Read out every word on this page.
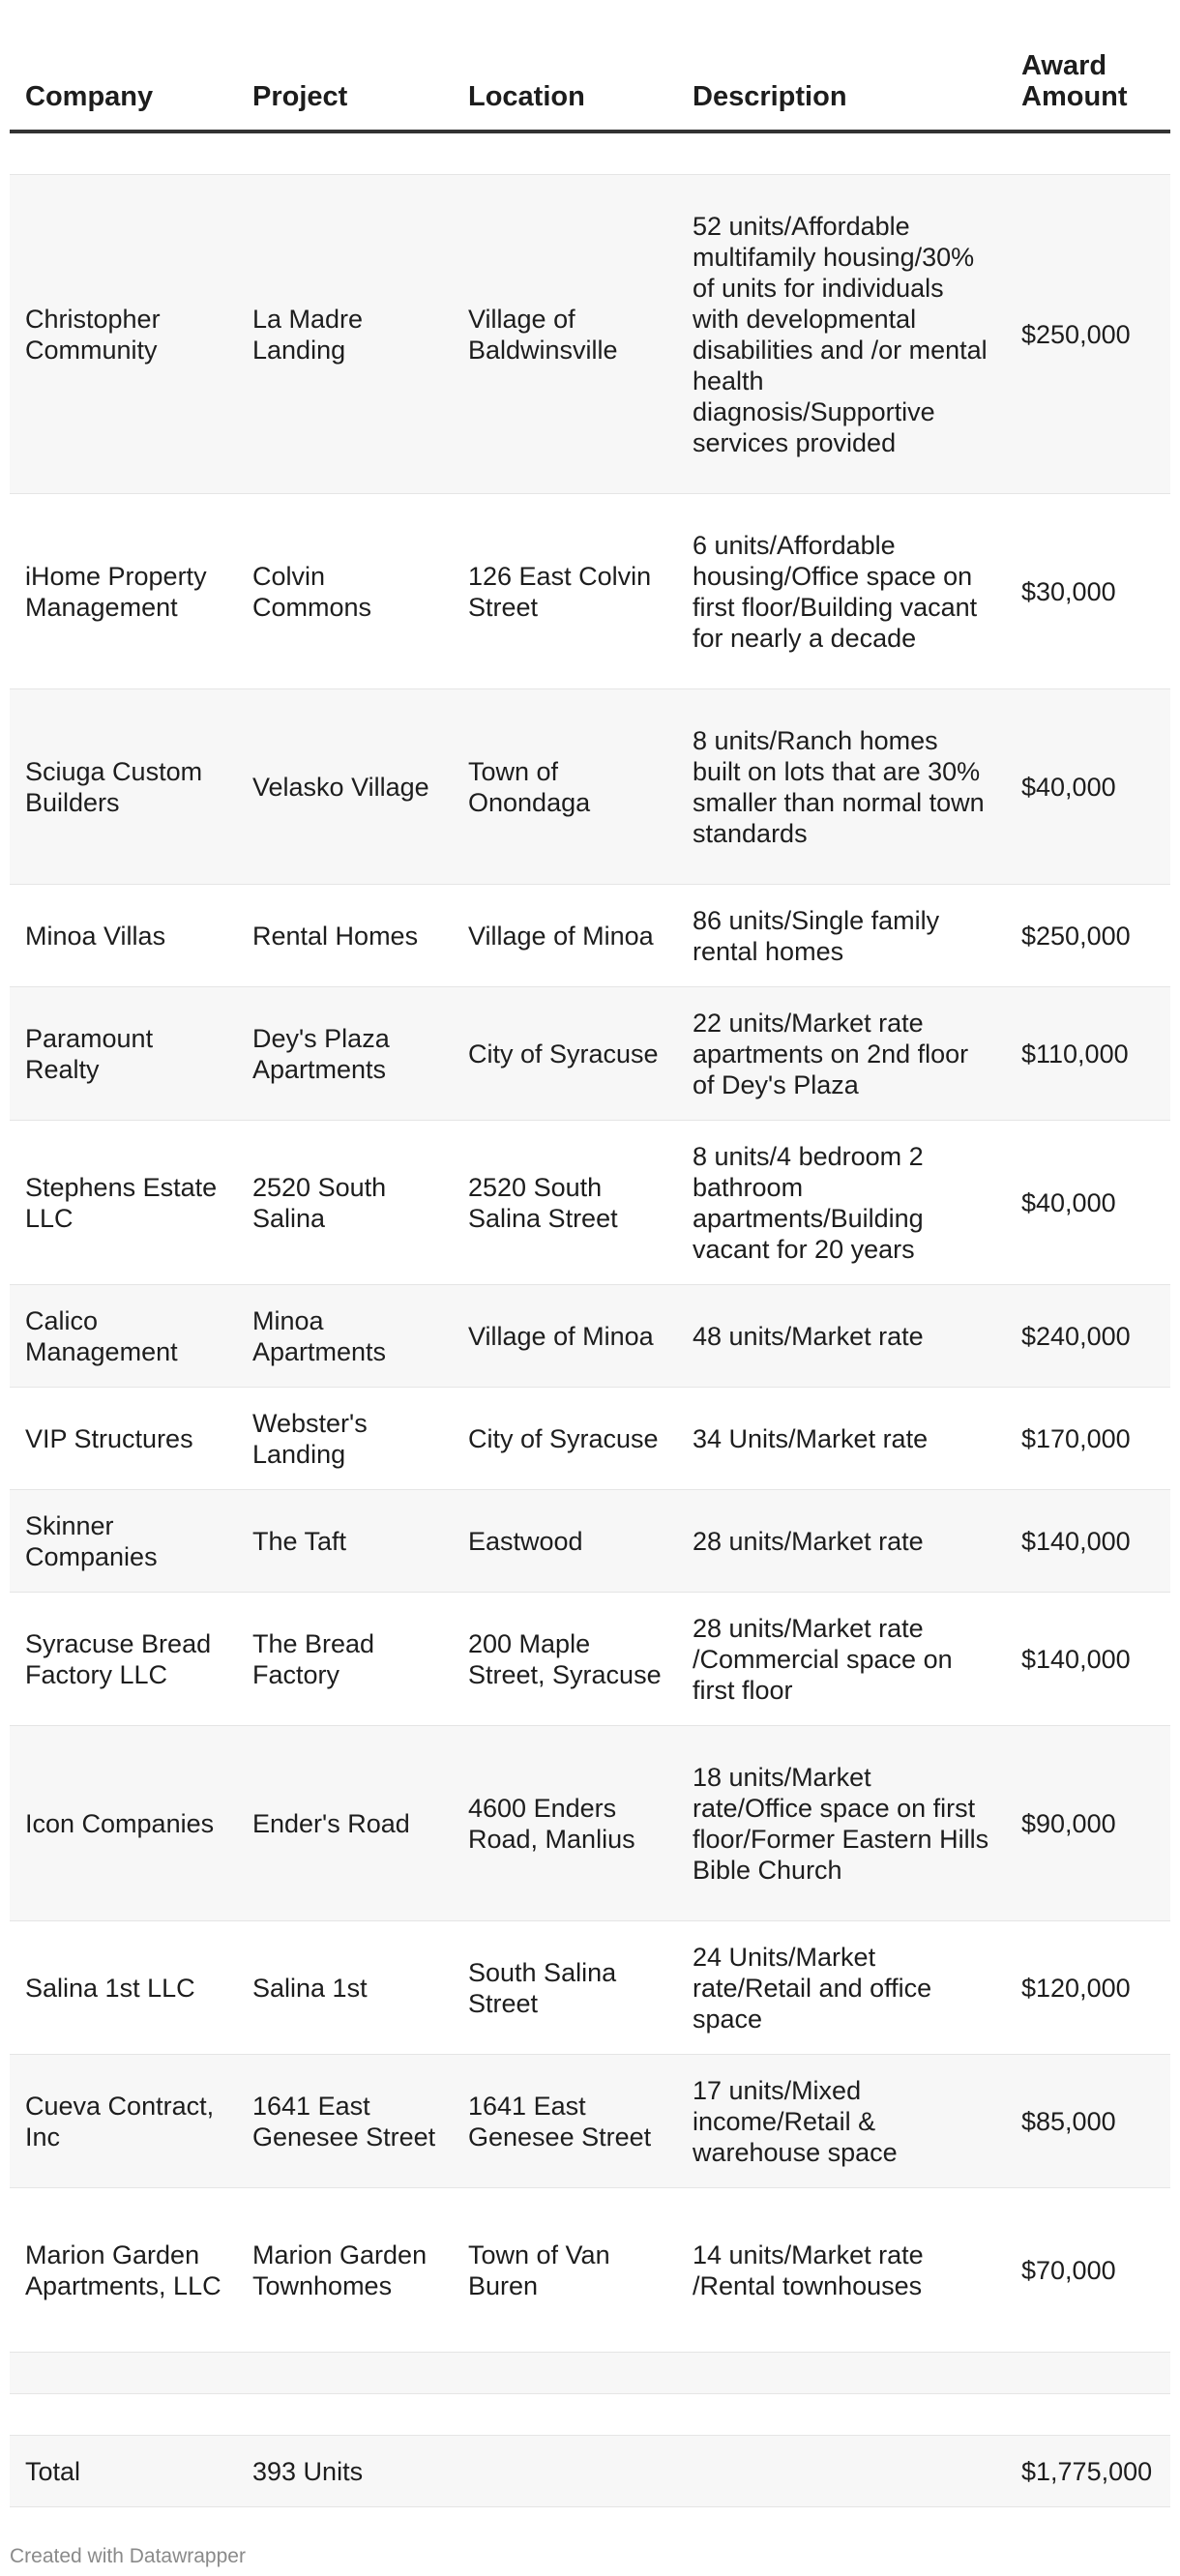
Company	Project	Location	Description	Award Amount

Christopher Community	La Madre Landing	Village of Baldwinsville	52 units/Affordable multifamily housing/30% of units for individuals with developmental disabilities and /or mental health diagnosis/Supportive services provided	$250,000
iHome Property Management	Colvin Commons	126 East Colvin Street	6 units/Affordable housing/Office space on first floor/Building vacant for nearly a decade	$30,000
Sciuga Custom Builders	Velasko Village	Town of Onondaga	8 units/Ranch homes built on lots that are 30% smaller than normal town standards	$40,000
Minoa Villas	Rental Homes	Village of Minoa	86 units/Single family rental homes	$250,000
Paramount Realty	Dey's Plaza Apartments	City of Syracuse	22 units/Market rate apartments on 2nd floor of Dey's Plaza	$110,000
Stephens Estate LLC	2520 South Salina	2520 South Salina Street	8 units/4 bedroom 2 bathroom apartments/Building vacant for 20 years	$40,000
Calico Management	Minoa Apartments	Village of Minoa	48 units/Market rate	$240,000
VIP Structures	Webster's Landing	City of Syracuse	34 Units/Market rate	$170,000
Skinner Companies	The Taft	Eastwood	28 units/Market rate	$140,000
Syracuse Bread Factory LLC	The Bread Factory	200 Maple Street, Syracuse	28 units/Market rate /Commercial space on first floor	$140,000
Icon Companies	Ender's Road	4600 Enders Road, Manlius	18 units/Market rate/Office space on first floor/Former Eastern Hills Bible Church	$90,000
Salina 1st LLC	Salina 1st	South Salina Street	24 Units/Market rate/Retail and office space	$120,000
Cueva Contract, Inc	1641 East Genesee Street	1641 East Genesee Street	17 units/Mixed income/Retail & warehouse space	$85,000
Marion Garden Apartments, LLC	Marion Garden Townhomes	Town of Van Buren	14 units/Market rate /Rental townhouses	$70,000

Total	393 Units			$1,775,000
Created with Datawrapper
